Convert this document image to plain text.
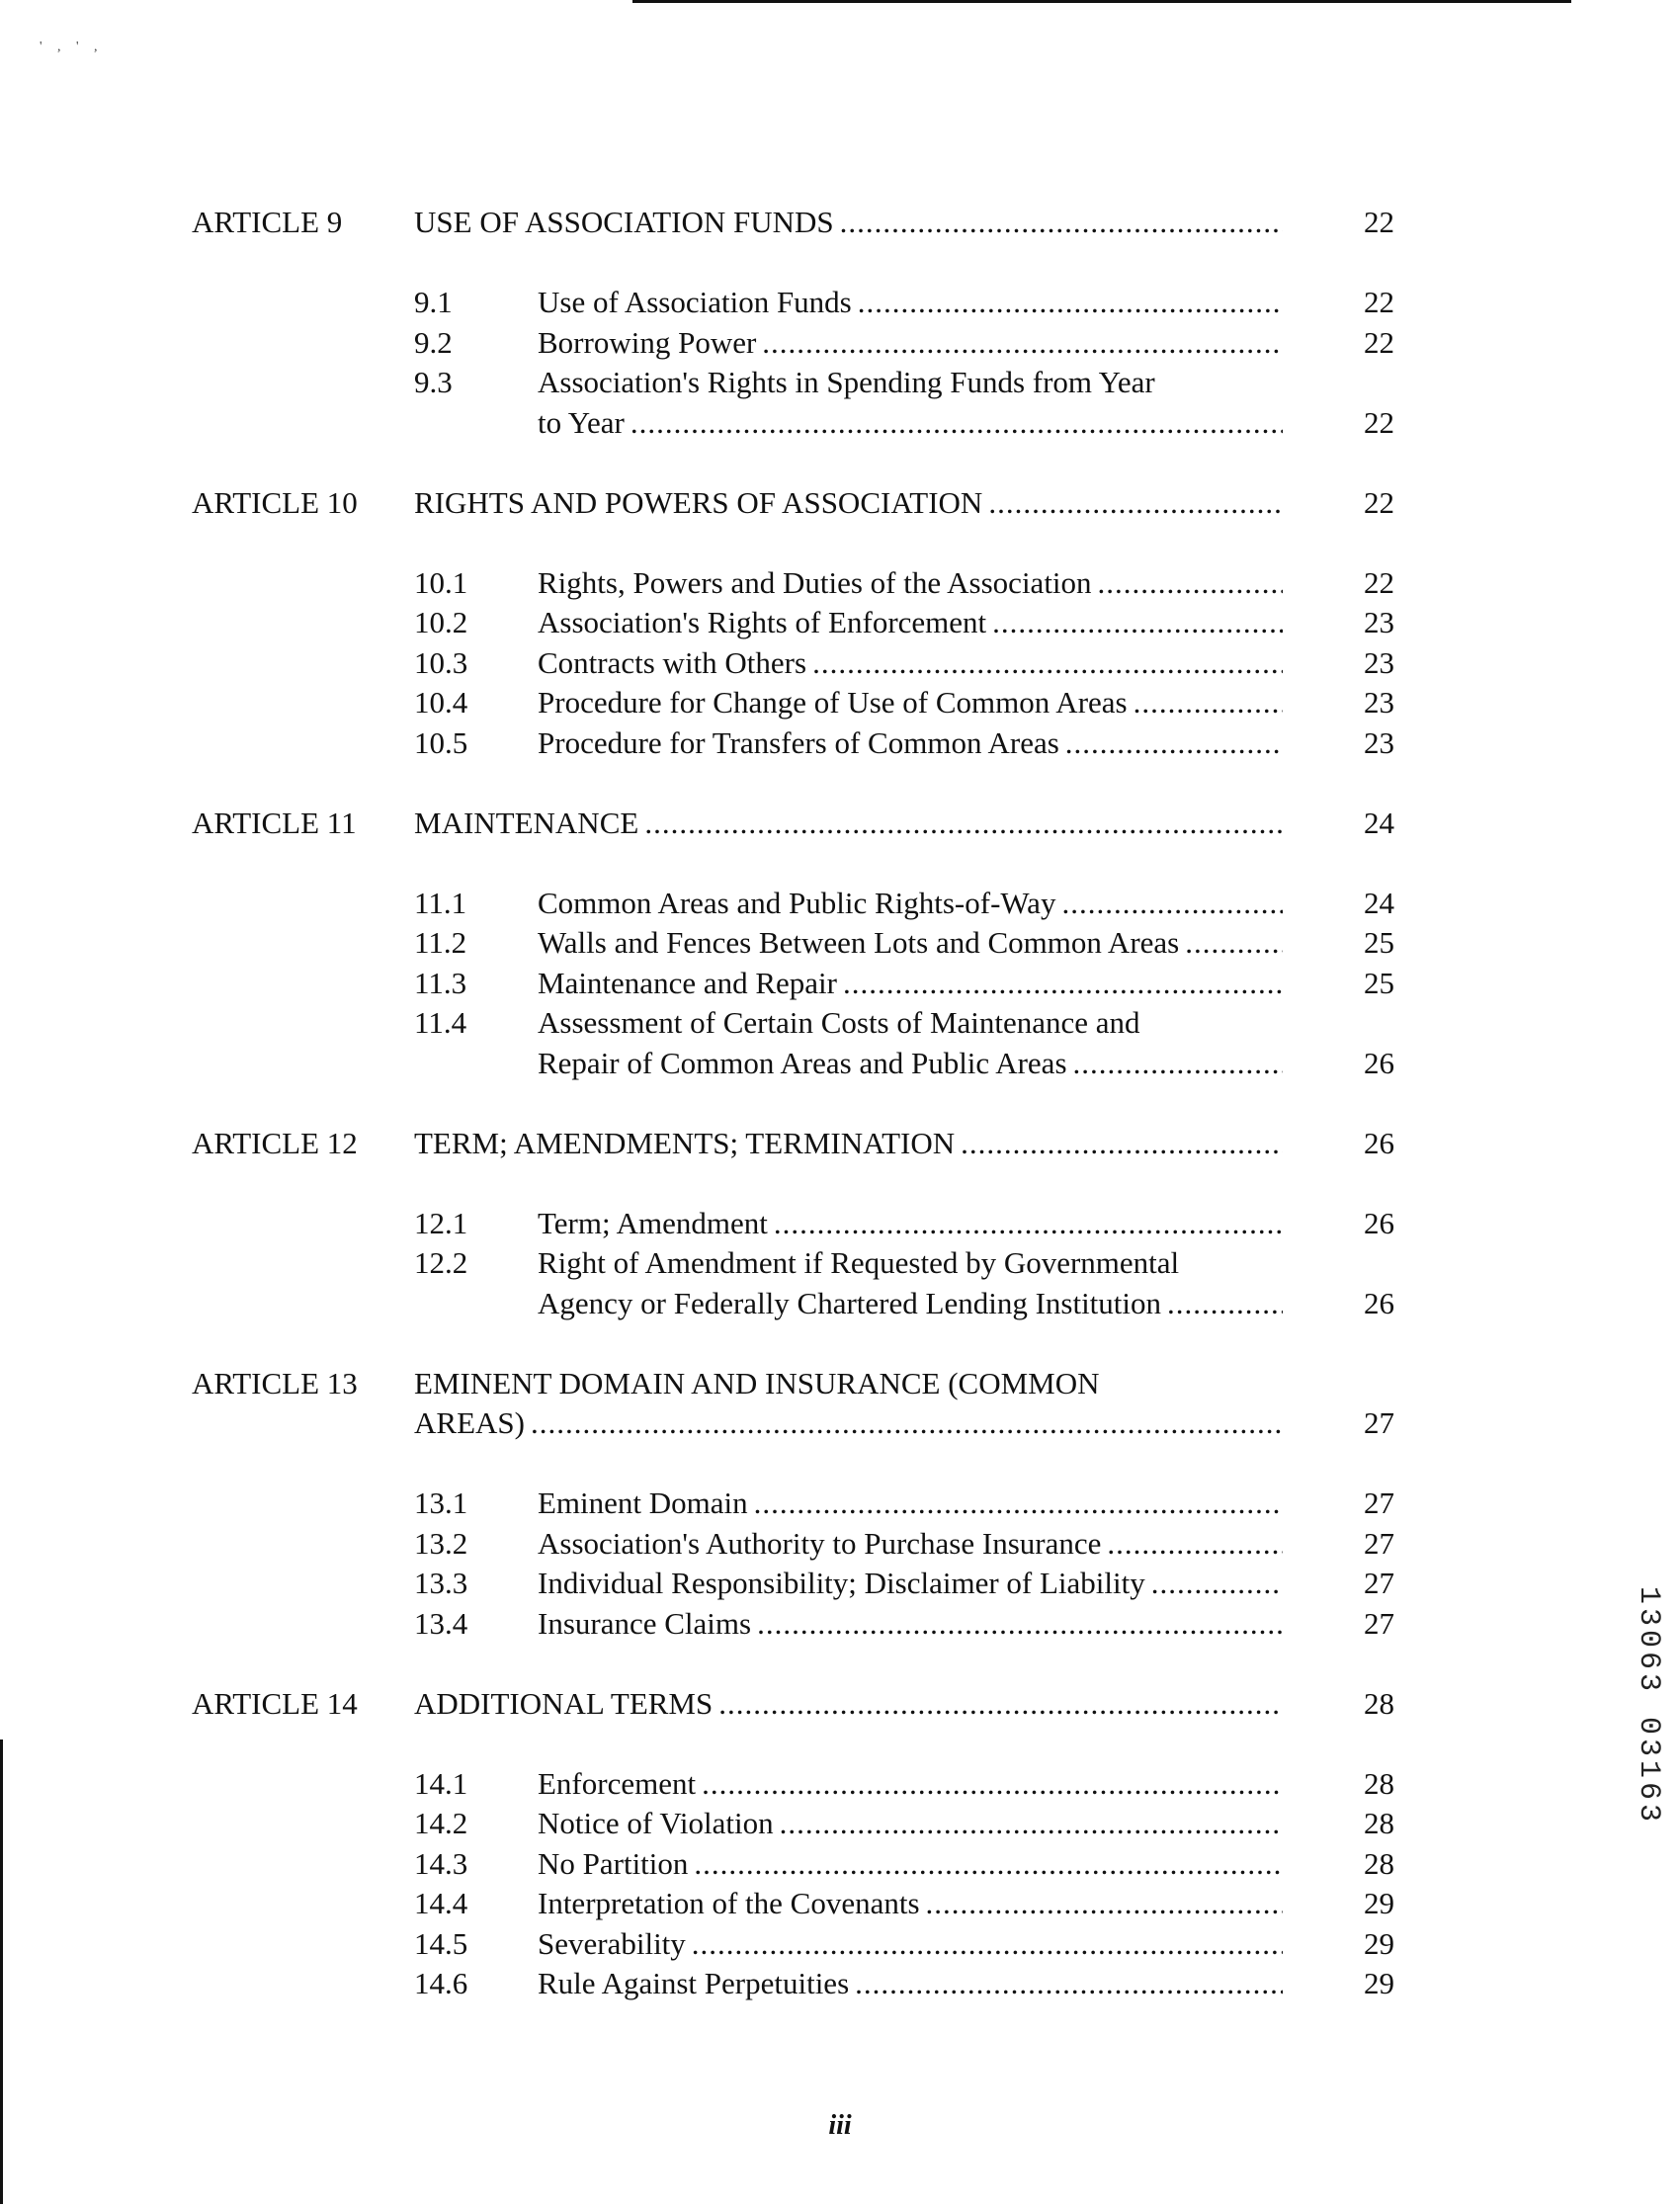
' , ' ,
ARTICLE 9 USE OF ASSOCIATION FUNDS .....	22
9.1	Use of Association Funds .....	22
9.2	Borrowing Power .....	22
9.3	Association's Rights in Spending Funds from Year
to Year .....	22
ARTICLE 10 RIGHTS AND POWERS OF ASSOCIATION .....	22
10.1 Rights, Powers and Duties of the Association .....	22
10.2 Association's Rights of Enforcement .....	23
10.3 Contracts with Others .....	23
10.4 Procedure for Change of Use of Common Areas .....	23
10.5 Procedure for Transfers of Common Areas .....	23
ARTICLE 11 MAINTENANCE .....	24
11.1 Common Areas and Public Rights-of-Way .....	24
11.2 Walls and Fences Between Lots and Common Areas .....	25
11.3 Maintenance and Repair .....	25
11.4 Assessment of Certain Costs of Maintenance and
Repair of Common Areas and Public Areas .....	26
ARTICLE 12 TERM; AMENDMENTS; TERMINATION .....	26
12.1 Term; Amendment .....	26
12.2 Right of Amendment if Requested by Governmental
Agency or Federally Chartered Lending Institution .....	26
ARTICLE 13 EMINENT DOMAIN AND INSURANCE (COMMON
AREAS) .....	27
13.1 Eminent Domain .....	27
13.2 Association's Authority to Purchase Insurance .....	27
13.3 Individual Responsibility; Disclaimer of Liability .....	27
13.4 Insurance Claims .....	27
ARTICLE 14 ADDITIONAL TERMS .....	28
14.1 Enforcement .....	28
14.2 Notice of Violation .....	28
14.3 No Partition .....	28
14.4 Interpretation of the Covenants .....	29
14.5 Severability .....	29
14.6 Rule Against Perpetuities .....	29
iii
13063 03163
